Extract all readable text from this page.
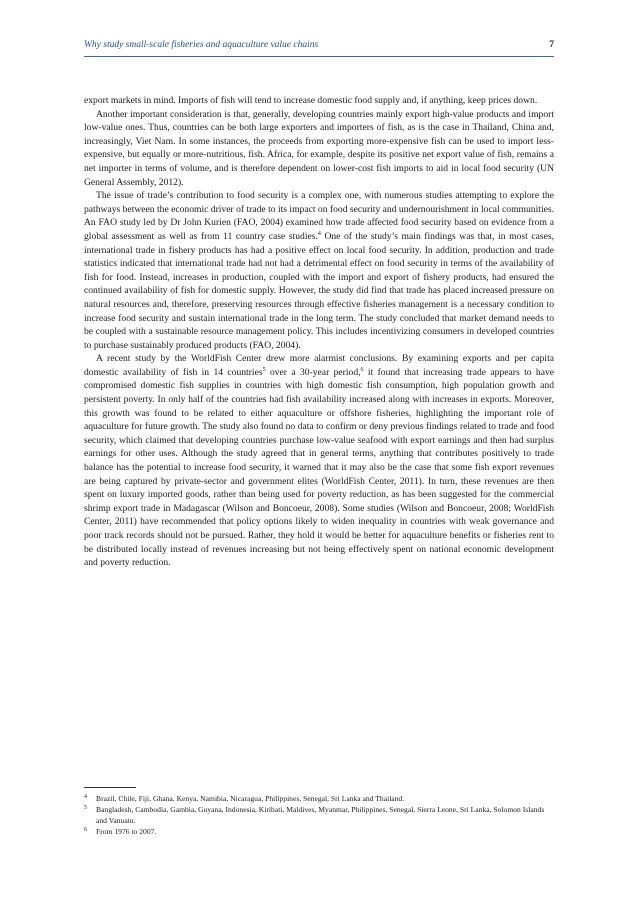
Why study small-scale fisheries and aquaculture value chains	7

export markets in mind. Imports of fish will tend to increase domestic food supply and, if anything, keep prices down.

Another important consideration is that, generally, developing countries mainly export high-value products and import low-value ones. Thus, countries can be both large exporters and importers of fish, as is the case in Thailand, China and, increasingly, Viet Nam. In some instances, the proceeds from exporting more-expensive fish can be used to import less-expensive, but equally or more-nutritious, fish. Africa, for example, despite its positive net export value of fish, remains a net importer in terms of volume, and is therefore dependent on lower-cost fish imports to aid in local food security (UN General Assembly, 2012).

The issue of trade’s contribution to food security is a complex one, with numerous studies attempting to explore the pathways between the economic driver of trade to its impact on food security and undernourishment in local communities. An FAO study led by Dr John Kurien (FAO, 2004) examined how trade affected food security based on evidence from a global assessment as well as from 11 country case studies.$^4$ One of the study’s main findings was that, in most cases, international trade in fishery products has had a positive effect on local food security. In addition, production and trade statistics indicated that international trade had not had a detrimental effect on food security in terms of the availability of fish for food. Instead, increases in production, coupled with the import and export of fishery products, had ensured the continued availability of fish for domestic supply. However, the study did find that trade has placed increased pressure on natural resources and, therefore, preserving resources through effective fisheries management is a necessary condition to increase food security and sustain international trade in the long term. The study concluded that market demand needs to be coupled with a sustainable resource management policy. This includes incentivizing consumers in developed countries to purchase sustainably produced products (FAO, 2004).

A recent study by the WorldFish Center drew more alarmist conclusions. By examining exports and per capita domestic availability of fish in 14 countries$^5$ over a 30-year period,$^6$ it found that increasing trade appears to have compromised domestic fish supplies in countries with high domestic fish consumption, high population growth and persistent poverty. In only half of the countries had fish availability increased along with increases in exports. Moreover, this growth was found to be related to either aquaculture or offshore fisheries, highlighting the important role of aquaculture for future growth. The study also found no data to confirm or deny previous findings related to trade and food security, which claimed that developing countries purchase low-value seafood with export earnings and then had surplus earnings for other uses. Although the study agreed that in general terms, anything that contributes positively to trade balance has the potential to increase food security, it warned that it may also be the case that some fish export revenues are being captured by private-sector and government elites (WorldFish Center, 2011). In turn, these revenues are then spent on luxury imported goods, rather than being used for poverty reduction, as has been suggested for the commercial shrimp export trade in Madagascar (Wilson and Boncoeur, 2008). Some studies (Wilson and Boncoeur, 2008; WorldFish Center, 2011) have recommended that policy options likely to widen inequality in countries with weak governance and poor track records should not be pursued. Rather, they hold it would be better for aquaculture benefits or fisheries rent to be distributed locally instead of revenues increasing but not being effectively spent on national economic development and poverty reduction.

4 Brazil, Chile, Fiji, Ghana, Kenya, Namibia, Nicaragua, Philippines, Senegal, Sri Lanka and Thailand.
5 Bangladesh, Cambodia, Gambia, Guyana, Indonesia, Kiribati, Maldives, Myanmar, Philippines, Senegal, Sierra Leone, Sri Lanka, Solomon Islands and Vanuatu.
6 From 1976 to 2007.
